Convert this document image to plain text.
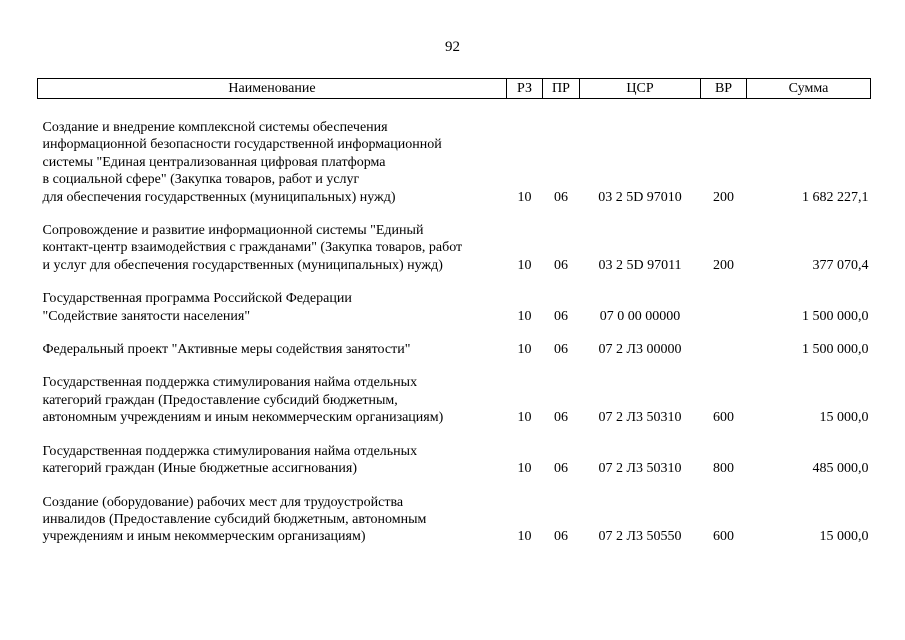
92
Наименование	РЗ	ПР	ЦСР	ВР	Сумма
Создание и внедрение комплексной системы обеспечения
информационной безопасности государственной информационной
системы "Единая централизованная цифровая платформа
в социальной сфере" (Закупка товаров, работ и услуг
для обеспечения государственных (муниципальных) нужд)	10	06	03 2 5D 97010	200	1 682 227,1
Сопровождение и развитие информационной системы "Единый
контакт-центр взаимодействия с гражданами" (Закупка товаров, работ
и услуг для обеспечения государственных (муниципальных) нужд)	10	06	03 2 5D 97011	200	377 070,4
Государственная программа Российской Федерации
"Содействие занятости населения"	10	06	07 0 00 00000		1 500 000,0
Федеральный проект "Активные меры содействия занятости"	10	06	07 2 Л3 00000		1 500 000,0
Государственная поддержка стимулирования найма отдельных
категорий граждан (Предоставление субсидий бюджетным,
автономным учреждениям и иным некоммерческим организациям)	10	06	07 2 Л3 50310	600	15 000,0
Государственная поддержка стимулирования найма отдельных
категорий граждан (Иные бюджетные ассигнования)	10	06	07 2 Л3 50310	800	485 000,0
Создание (оборудование) рабочих мест для трудоустройства
инвалидов (Предоставление субсидий бюджетным, автономным
учреждениям и иным некоммерческим организациям)	10	06	07 2 Л3 50550	600	15 000,0
